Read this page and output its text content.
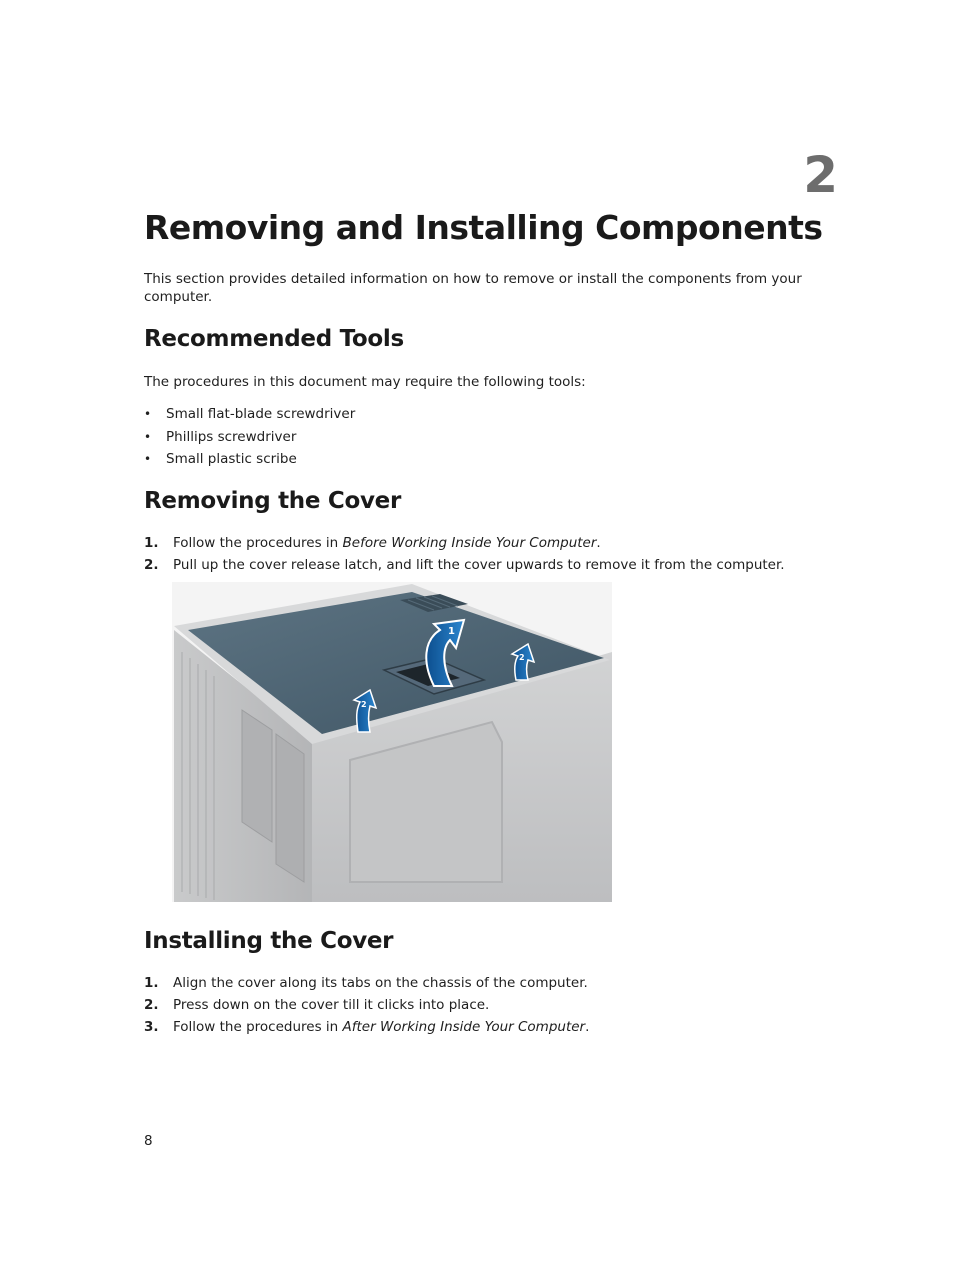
2
Removing and Installing Components

This section provides detailed information on how to remove or install the components from your computer.

Recommended Tools

The procedures in this document may require the following tools:

• Small flat-blade screwdriver
• Phillips screwdriver
• Small plastic scribe
Removing the Cover
1. Follow the procedures in Before Working Inside Your Computer.
2. Pull up the cover release latch, and lift the cover upwards to remove it from the computer.
1
2
2
Installing the Cover
1. Align the cover along its tabs on the chassis of the computer.
2. Press down on the cover till it clicks into place.
3. Follow the procedures in After Working Inside Your Computer.
8
